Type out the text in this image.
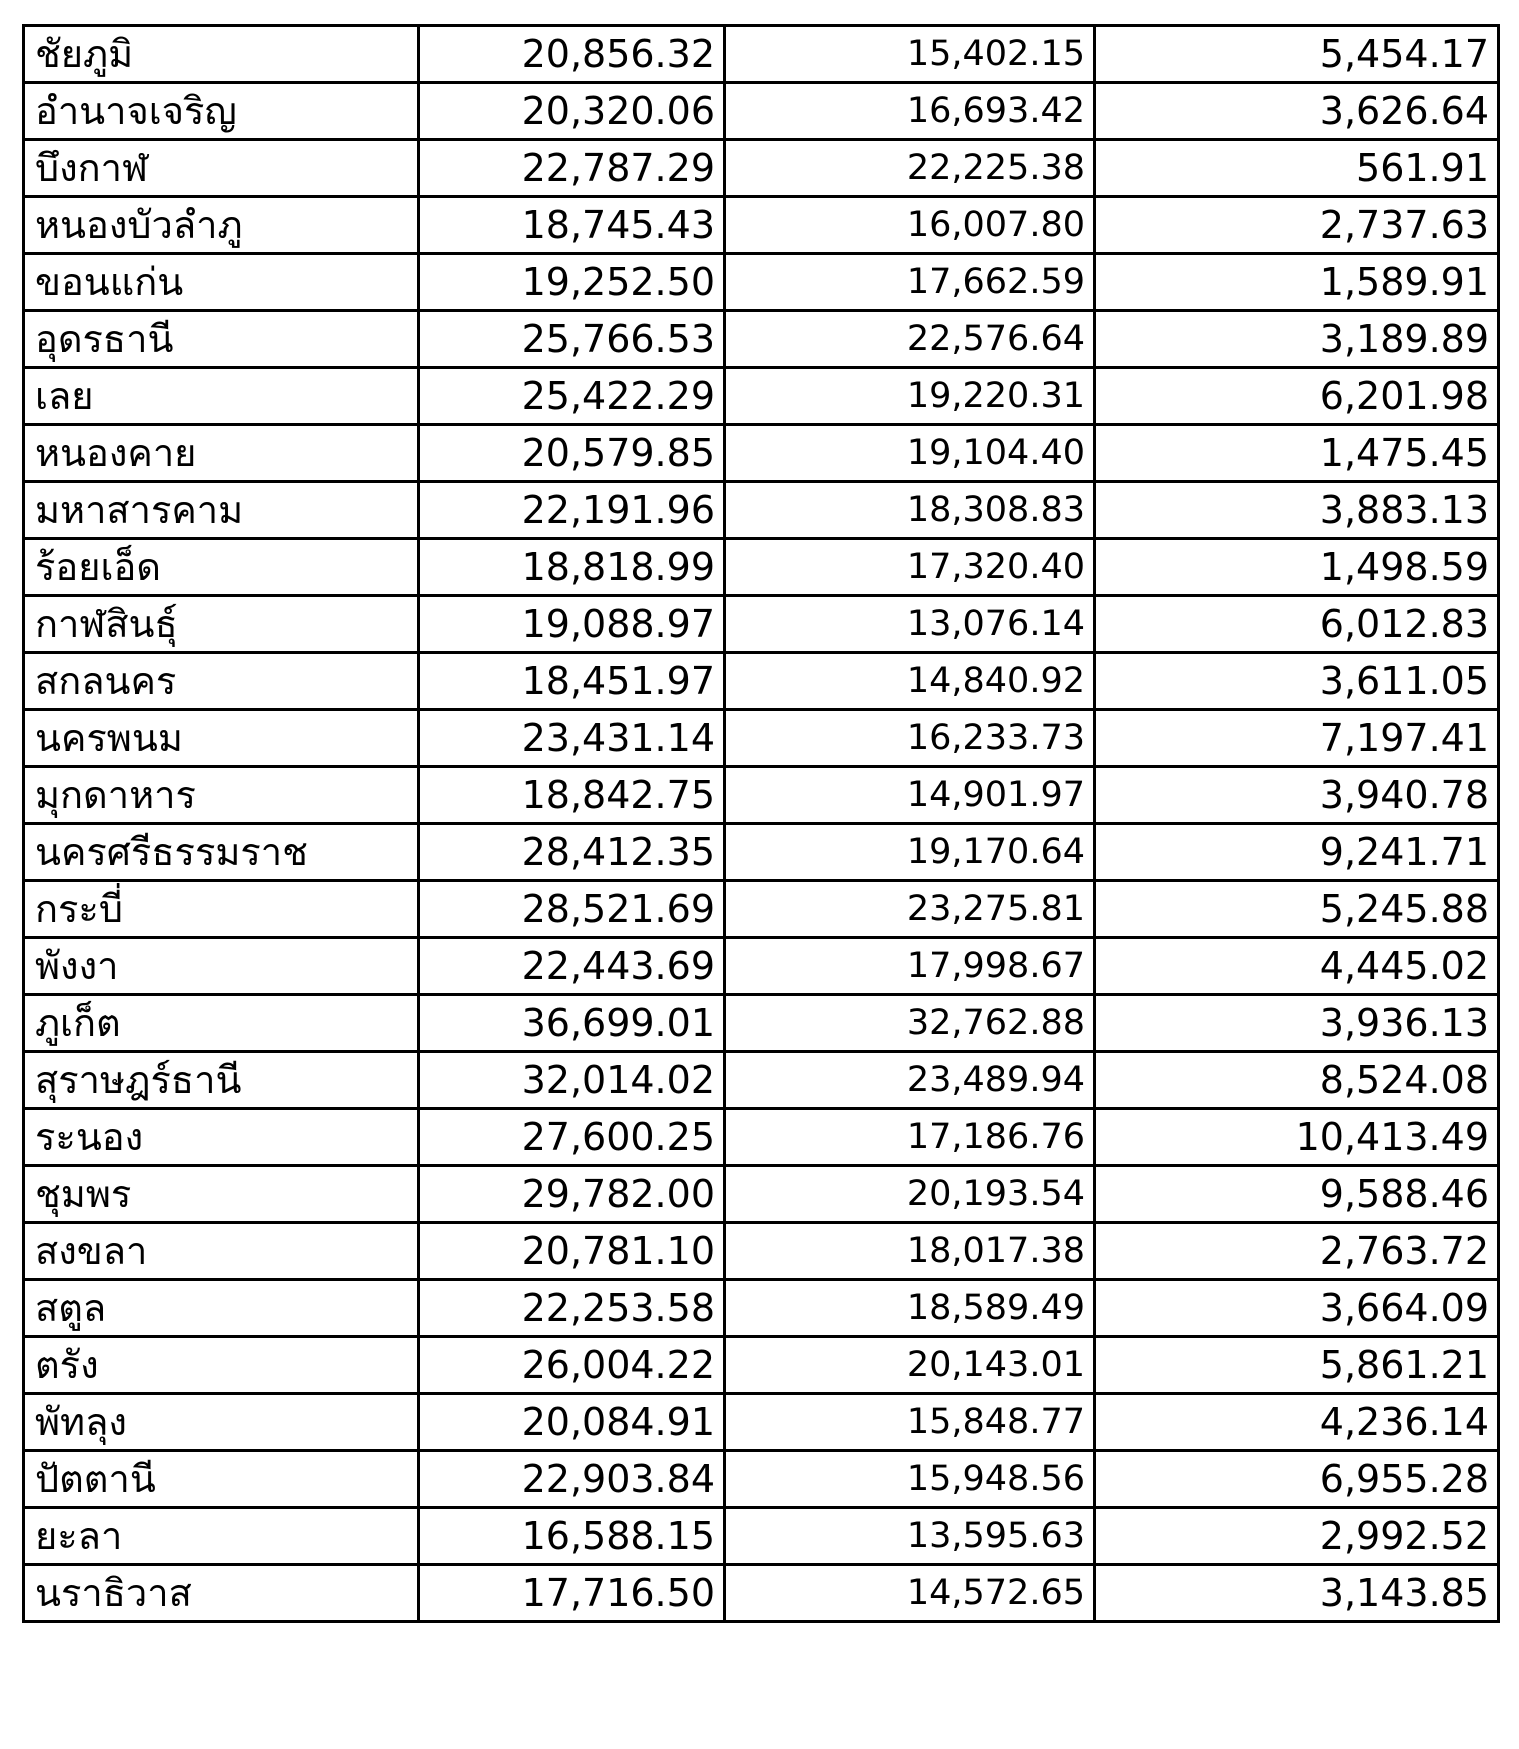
ชัยภูมิ	20,856.32	15,402.15	5,454.17
อำนาจเจริญ	20,320.06	16,693.42	3,626.64
บึงกาฬ	22,787.29	22,225.38	561.91
หนองบัวลำภู	18,745.43	16,007.80	2,737.63
ขอนแก่น	19,252.50	17,662.59	1,589.91
อุดรธานี	25,766.53	22,576.64	3,189.89
เลย	25,422.29	19,220.31	6,201.98
หนองคาย	20,579.85	19,104.40	1,475.45
มหาสารคาม	22,191.96	18,308.83	3,883.13
ร้อยเอ็ด	18,818.99	17,320.40	1,498.59
กาฬสินธุ์	19,088.97	13,076.14	6,012.83
สกลนคร	18,451.97	14,840.92	3,611.05
นครพนม	23,431.14	16,233.73	7,197.41
มุกดาหาร	18,842.75	14,901.97	3,940.78
นครศรีธรรมราช	28,412.35	19,170.64	9,241.71
กระบี่	28,521.69	23,275.81	5,245.88
พังงา	22,443.69	17,998.67	4,445.02
ภูเก็ต	36,699.01	32,762.88	3,936.13
สุราษฎร์ธานี	32,014.02	23,489.94	8,524.08
ระนอง	27,600.25	17,186.76	10,413.49
ชุมพร	29,782.00	20,193.54	9,588.46
สงขลา	20,781.10	18,017.38	2,763.72
สตูล	22,253.58	18,589.49	3,664.09
ตรัง	26,004.22	20,143.01	5,861.21
พัทลุง	20,084.91	15,848.77	4,236.14
ปัตตานี	22,903.84	15,948.56	6,955.28
ยะลา	16,588.15	13,595.63	2,992.52
นราธิวาส	17,716.50	14,572.65	3,143.85
